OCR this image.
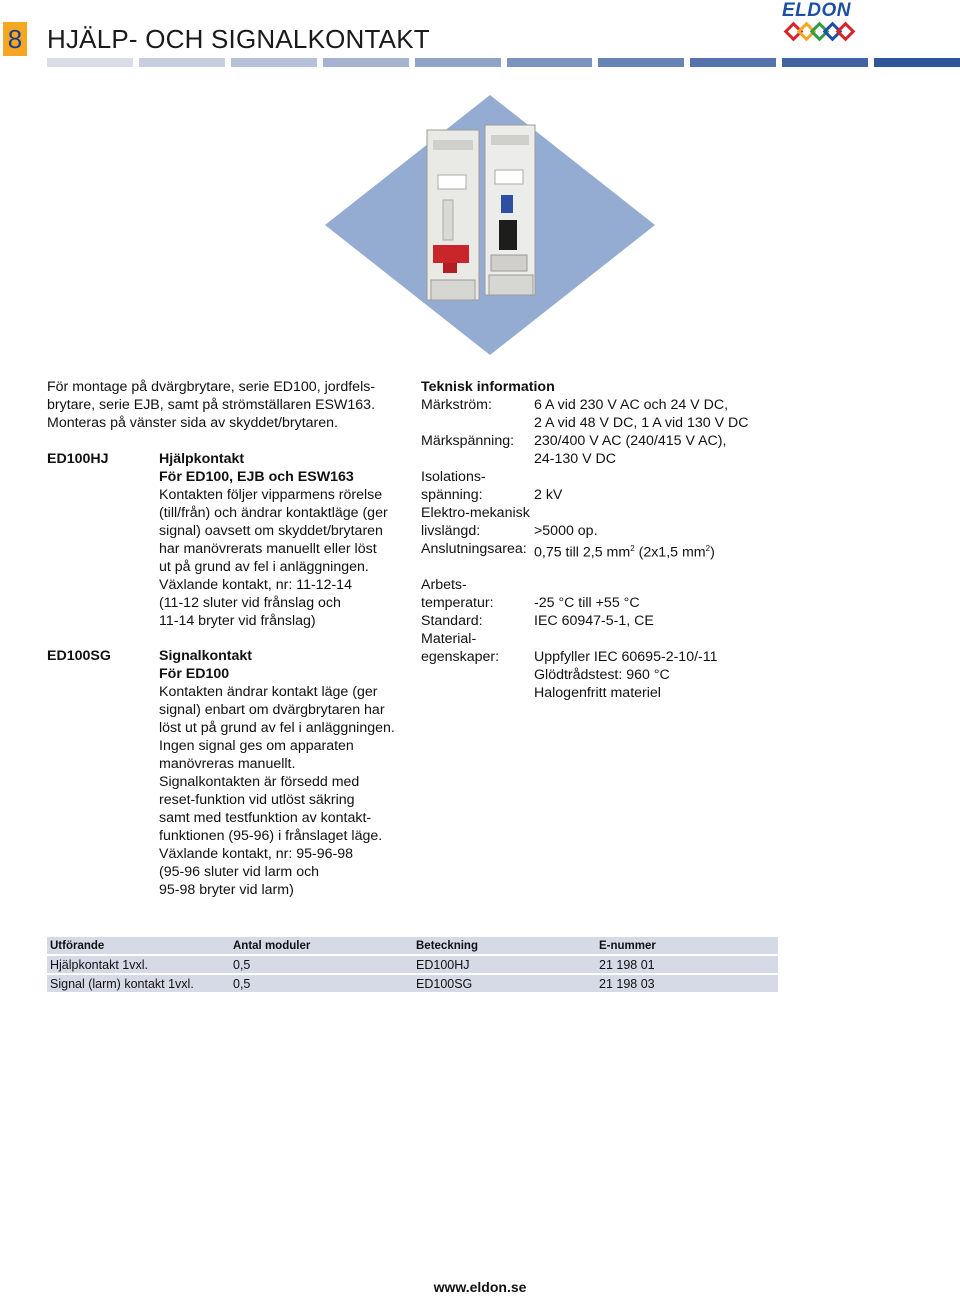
8 HJÄLP- OCH SIGNALKONTAKT
ELDON
För montage på dvärgbrytare, serie ED100, jordfels-
brytare, serie EJB, samt på strömställaren ESW163.
Monteras på vänster sida av skyddet/brytaren.
ED100HJ	Hjälpkontakt
För ED100, EJB och ESW163
Kontakten följer vipparmens rörelse
(till/från) och ändrar kontaktläge (ger
signal) oavsett om skyddet/brytaren
har manövrerats manuellt eller löst
ut på grund av fel i anläggningen.
Växlande kontakt, nr: 11-12-14
(11-12 sluter vid frånslag och
11-14 bryter vid frånslag)
ED100SG	Signalkontakt
För ED100
Kontakten ändrar kontakt läge (ger
signal) enbart om dvärgbrytaren har
löst ut på grund av fel i anläggningen.
Ingen signal ges om apparaten
manövreras manuellt.
Signalkontakten är försedd med
reset-funktion vid utlöst säkring
samt med testfunktion av kontakt-
funktionen (95-96) i frånslaget läge.
Växlande kontakt, nr: 95-96-98
(95-96 sluter vid larm och
95-98 bryter vid larm)
Teknisk information
Märkström:	6 A vid 230 V AC och 24 V DC,
2 A vid 48 V DC, 1 A vid 130 V DC
Märkspänning: 230/400 V AC (240/415 V AC),
24-130 V DC
Isolations-
spänning:	2 kV
Elektro-mekanisk
livslängd:	>5000 op.
Anslutningsarea: 0,75 till 2,5 $mm^2$ (2x1,5 $mm^2$)
Arbets-
temperatur:	-25 °C till +55 °C
Standard:	IEC 60947-5-1, CE
Material-
egenskaper: Uppfyller IEC 60695-2-10/-11
Glödtrådstest: 960 °C
Halogenfritt materiel
Utförande	Antal moduler	Beteckning	E-nummer
Hjälpkontakt 1vxl.	0,5	ED100HJ	21 198 01
Signal (larm) kontakt 1vxl.	0,5	ED100SG	21 198 03
www.eldon.se
